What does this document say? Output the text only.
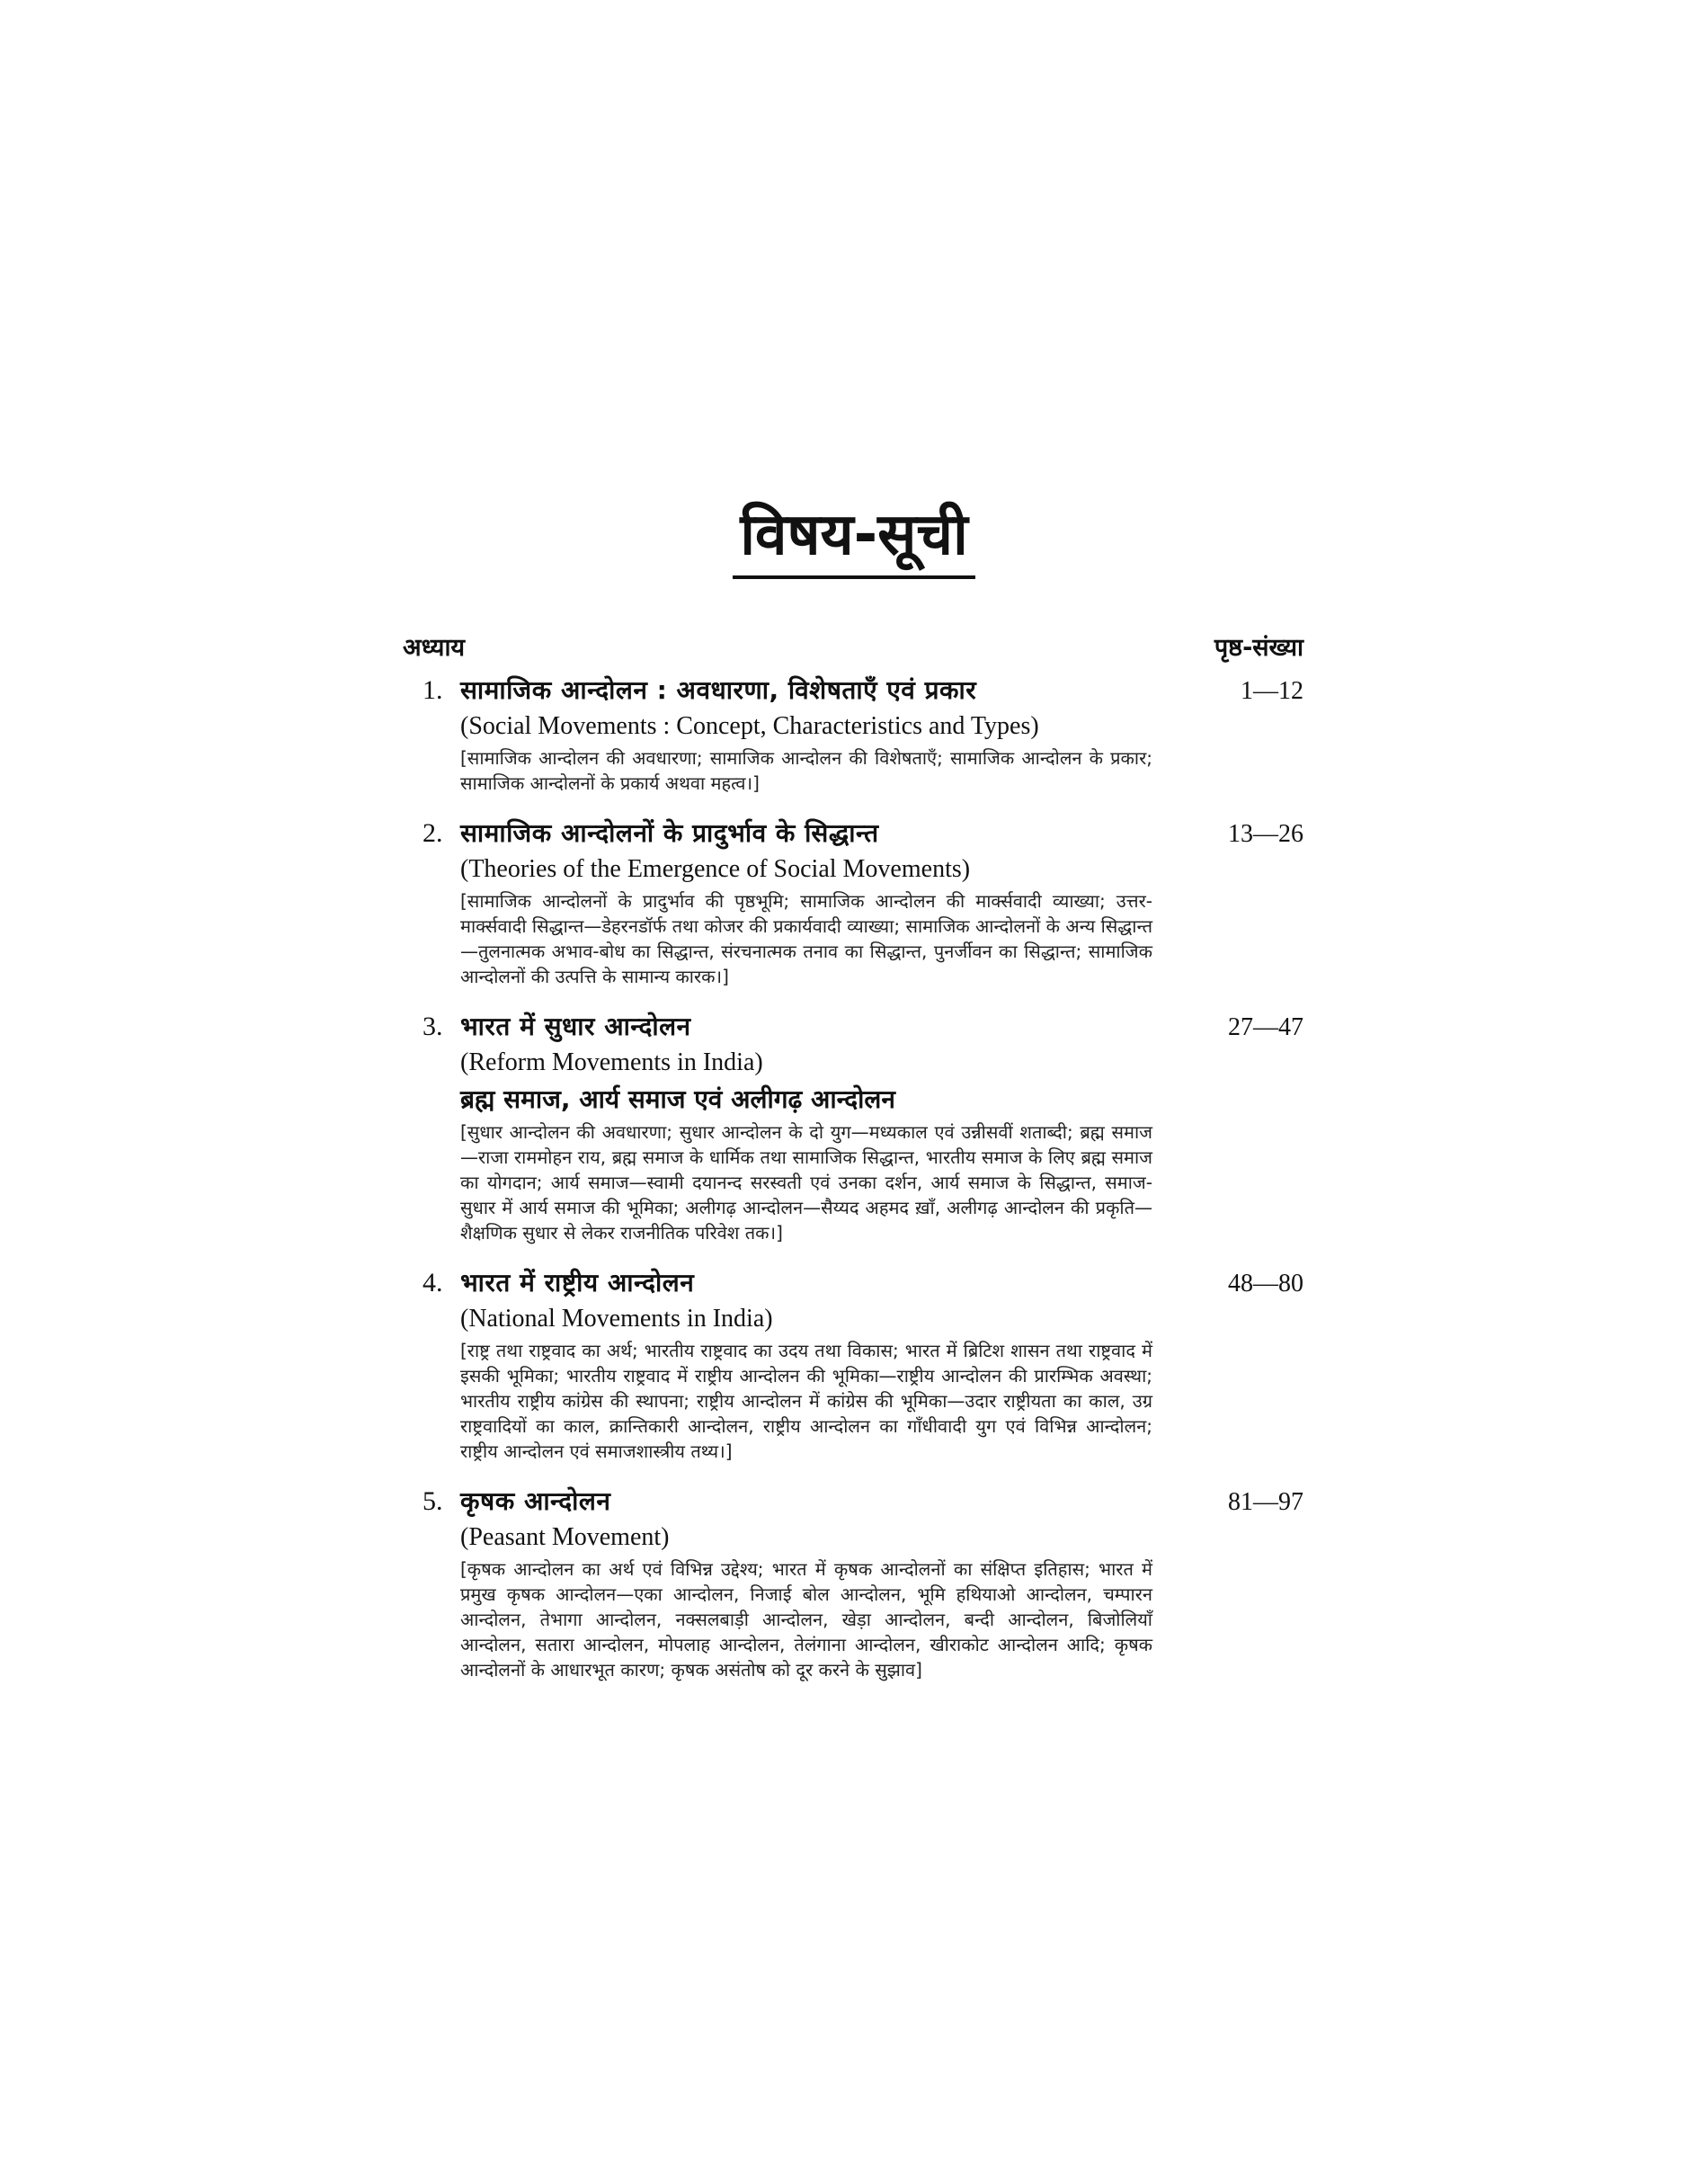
विषय-सूची
अध्याय	पृष्ठ-संख्या
1. सामाजिक आन्दोलन : अवधारणा, विशेषताएँ एवं प्रकार	1—12
(Social Movements : Concept, Characteristics and Types)
[सामाजिक आन्दोलन की अवधारणा; सामाजिक आन्दोलन की विशेषताएँ; सामाजिक आन्दोलन के प्रकार; सामाजिक आन्दोलनों के प्रकार्य अथवा महत्व।]
2. सामाजिक आन्दोलनों के प्रादुर्भाव के सिद्धान्त	13—26
(Theories of the Emergence of Social Movements)
[सामाजिक आन्दोलनों के प्रादुर्भाव की पृष्ठभूमि; सामाजिक आन्दोलन की मार्क्सवादी व्याख्या; उत्तर-मार्क्सवादी सिद्धान्त—डेहरनडॉर्फ तथा कोजर की प्रकार्यवादी व्याख्या; सामाजिक आन्दोलनों के अन्य सिद्धान्त—तुलनात्मक अभाव-बोध का सिद्धान्त, संरचनात्मक तनाव का सिद्धान्त, पुनर्जीवन का सिद्धान्त; सामाजिक आन्दोलनों की उत्पत्ति के सामान्य कारक।]
3. भारत में सुधार आन्दोलन	27—47
(Reform Movements in India)
ब्रह्म समाज, आर्य समाज एवं अलीगढ़ आन्दोलन
[सुधार आन्दोलन की अवधारणा; सुधार आन्दोलन के दो युग—मध्यकाल एवं उन्नीसवीं शताब्दी; ब्रह्म समाज—राजा राममोहन राय, ब्रह्म समाज के धार्मिक तथा सामाजिक सिद्धान्त, भारतीय समाज के लिए ब्रह्म समाज का योगदान; आर्य समाज—स्वामी दयानन्द सरस्वती एवं उनका दर्शन, आर्य समाज के सिद्धान्त, समाज-सुधार में आर्य समाज की भूमिका; अलीगढ़ आन्दोलन—सैय्यद अहमद ख़ाँ, अलीगढ़ आन्दोलन की प्रकृति—शैक्षणिक सुधार से लेकर राजनीतिक परिवेश तक।]
4. भारत में राष्ट्रीय आन्दोलन	48—80
(National Movements in India)
[राष्ट्र तथा राष्ट्रवाद का अर्थ; भारतीय राष्ट्रवाद का उदय तथा विकास; भारत में ब्रिटिश शासन तथा राष्ट्रवाद में इसकी भूमिका; भारतीय राष्ट्रवाद में राष्ट्रीय आन्दोलन की भूमिका—राष्ट्रीय आन्दोलन की प्रारम्भिक अवस्था; भारतीय राष्ट्रीय कांग्रेस की स्थापना; राष्ट्रीय आन्दोलन में कांग्रेस की भूमिका—उदार राष्ट्रीयता का काल, उग्र राष्ट्रवादियों का काल, क्रान्तिकारी आन्दोलन, राष्ट्रीय आन्दोलन का गाँधीवादी युग एवं विभिन्न आन्दोलन; राष्ट्रीय आन्दोलन एवं समाजशास्त्रीय तथ्य।]
5. कृषक आन्दोलन	81—97
(Peasant Movement)
[कृषक आन्दोलन का अर्थ एवं विभिन्न उद्देश्य; भारत में कृषक आन्दोलनों का संक्षिप्त इतिहास; भारत में प्रमुख कृषक आन्दोलन—एका आन्दोलन, निजाई बोल आन्दोलन, भूमि हथियाओ आन्दोलन, चम्पारन आन्दोलन, तेभागा आन्दोलन, नक्सलबाड़ी आन्दोलन, खेड़ा आन्दोलन, बन्दी आन्दोलन, बिजोलियाँ आन्दोलन, सतारा आन्दोलन, मोपलाह आन्दोलन, तेलंगाना आन्दोलन, खीराकोट आन्दोलन आदि; कृषक आन्दोलनों के आधारभूत कारण; कृषक असंतोष को दूर करने के सुझाव]
